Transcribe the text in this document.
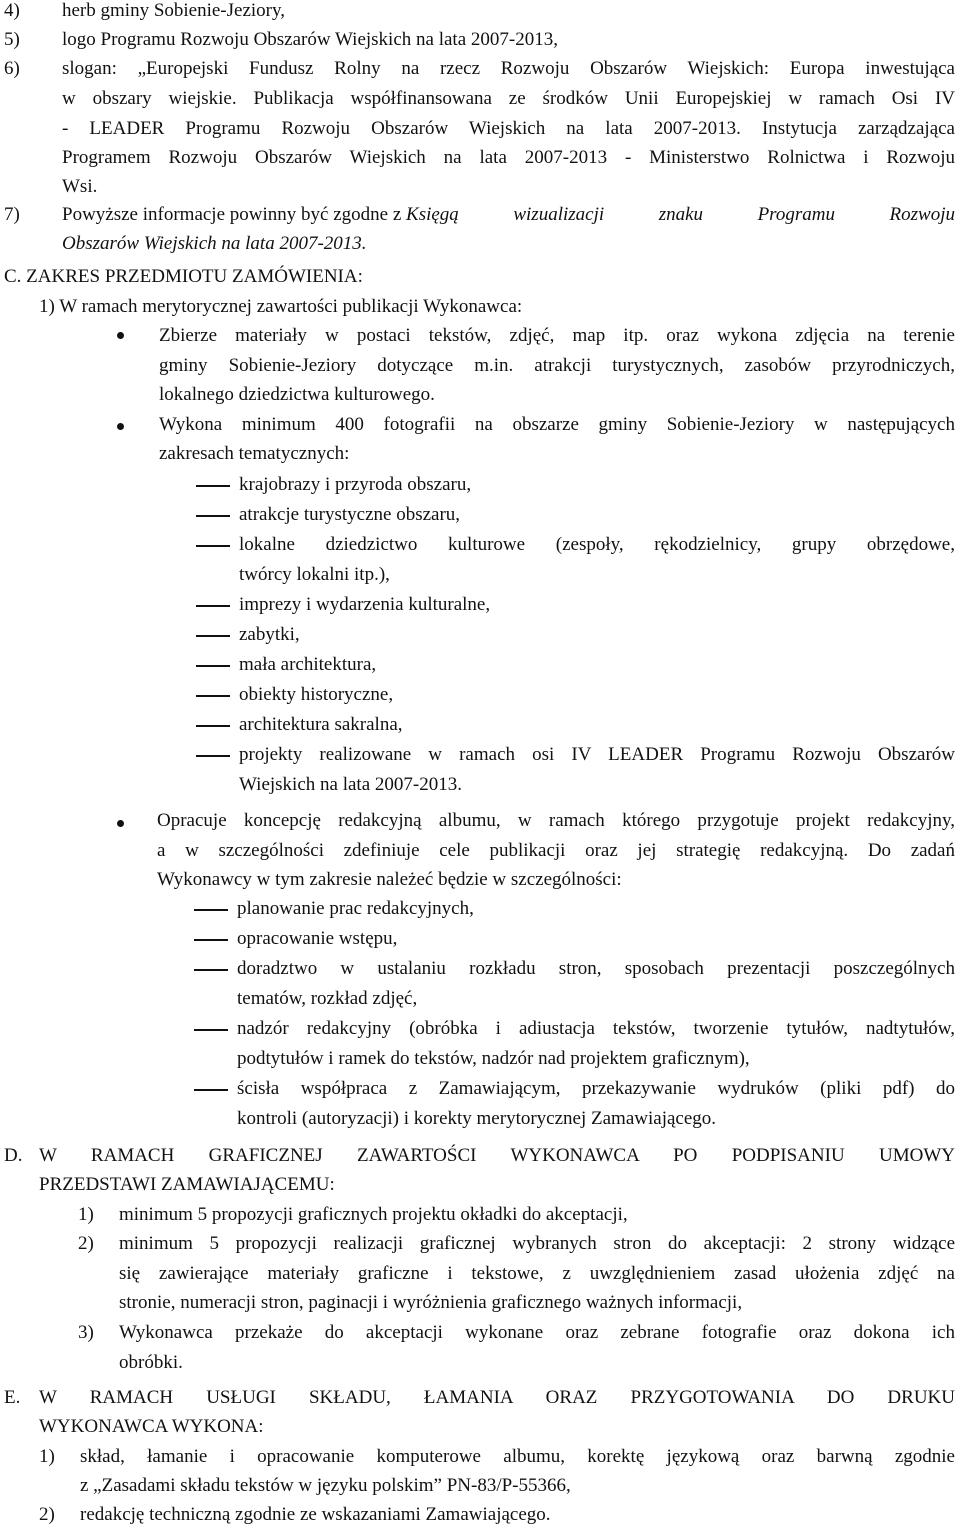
4) herb gminy Sobienie-Jeziory,
5) logo Programu Rozwoju Obszarów Wiejskich na lata 2007-2013,
6) slogan: „Europejski Fundusz Rolny na rzecz Rozwoju Obszarów Wiejskich: Europa inwestująca
w obszary wiejskie. Publikacja współfinansowana ze środków Unii Europejskiej w ramach Osi IV
- LEADER Programu Rozwoju Obszarów Wiejskich na lata 2007-2013. Instytucja zarządzająca
Programem Rozwoju Obszarów Wiejskich na lata 2007-2013 - Ministerstwo Rolnictwa i Rozwoju
Wsi.
7) Powyższe informacje powinny być zgodne z Księgą wizualizacji znaku Programu Rozwoju
Obszarów Wiejskich na lata 2007-2013.
C. ZAKRES PRZEDMIOTU ZAMÓWIENIA:
1) W ramach merytorycznej zawartości publikacji Wykonawca:
Zbierze materiały w postaci tekstów, zdjęć, map itp. oraz wykona zdjęcia na terenie
gminy Sobienie-Jeziory dotyczące m.in. atrakcji turystycznych, zasobów przyrodniczych,
lokalnego dziedzictwa kulturowego.
Wykona minimum 400 fotografii na obszarze gminy Sobienie-Jeziory w następujących
zakresach tematycznych:
krajobrazy i przyroda obszaru,
atrakcje turystyczne obszaru,
lokalne dziedzictwo kulturowe (zespoły, rękodzielnicy, grupy obrzędowe,
twórcy lokalni itp.),
imprezy i wydarzenia kulturalne,
zabytki,
mała architektura,
obiekty historyczne,
architektura sakralna,
projekty realizowane w ramach osi IV LEADER Programu Rozwoju Obszarów
Wiejskich na lata 2007-2013.
Opracuje koncepcję redakcyjną albumu, w ramach którego przygotuje projekt redakcyjny,
a w szczególności zdefiniuje cele publikacji oraz jej strategię redakcyjną. Do zadań
Wykonawcy w tym zakresie należeć będzie w szczególności:
planowanie prac redakcyjnych,
opracowanie wstępu,
doradztwo w ustalaniu rozkładu stron, sposobach prezentacji poszczególnych
tematów, rozkład zdjęć,
nadzór redakcyjny (obróbka i adiustacja tekstów, tworzenie tytułów, nadtytułów,
podtytułów i ramek do tekstów, nadzór nad projektem graficznym),
ścisła współpraca z Zamawiającym, przekazywanie wydruków (pliki pdf) do
kontroli (autoryzacji) i korekty merytorycznej Zamawiającego.
D. W RAMACH GRAFICZNEJ ZAWARTOŚCI WYKONAWCA PO PODPISANIU UMOWY
PRZEDSTAWI ZAMAWIAJĄCEMU:
1) minimum 5 propozycji graficznych projektu okładki do akceptacji,
2) minimum 5 propozycji realizacji graficznej wybranych stron do akceptacji: 2 strony widzące
się zawierające materiały graficzne i tekstowe, z uwzględnieniem zasad ułożenia zdjęć na
stronie, numeracji stron, paginacji i wyróżnienia graficznego ważnych informacji,
3) Wykonawca przekaże do akceptacji wykonane oraz zebrane fotografie oraz dokona ich
obróbki.
E. W RAMACH USŁUGI SKŁADU, ŁAMANIA ORAZ PRZYGOTOWANIA DO DRUKU
WYKONAWCA WYKONA:
1) skład, łamanie i opracowanie komputerowe albumu, korektę językową oraz barwną zgodnie
z „Zasadami składu tekstów w języku polskim” PN-83/P-55366,
2) redakcję techniczną zgodnie ze wskazaniami Zamawiającego.
